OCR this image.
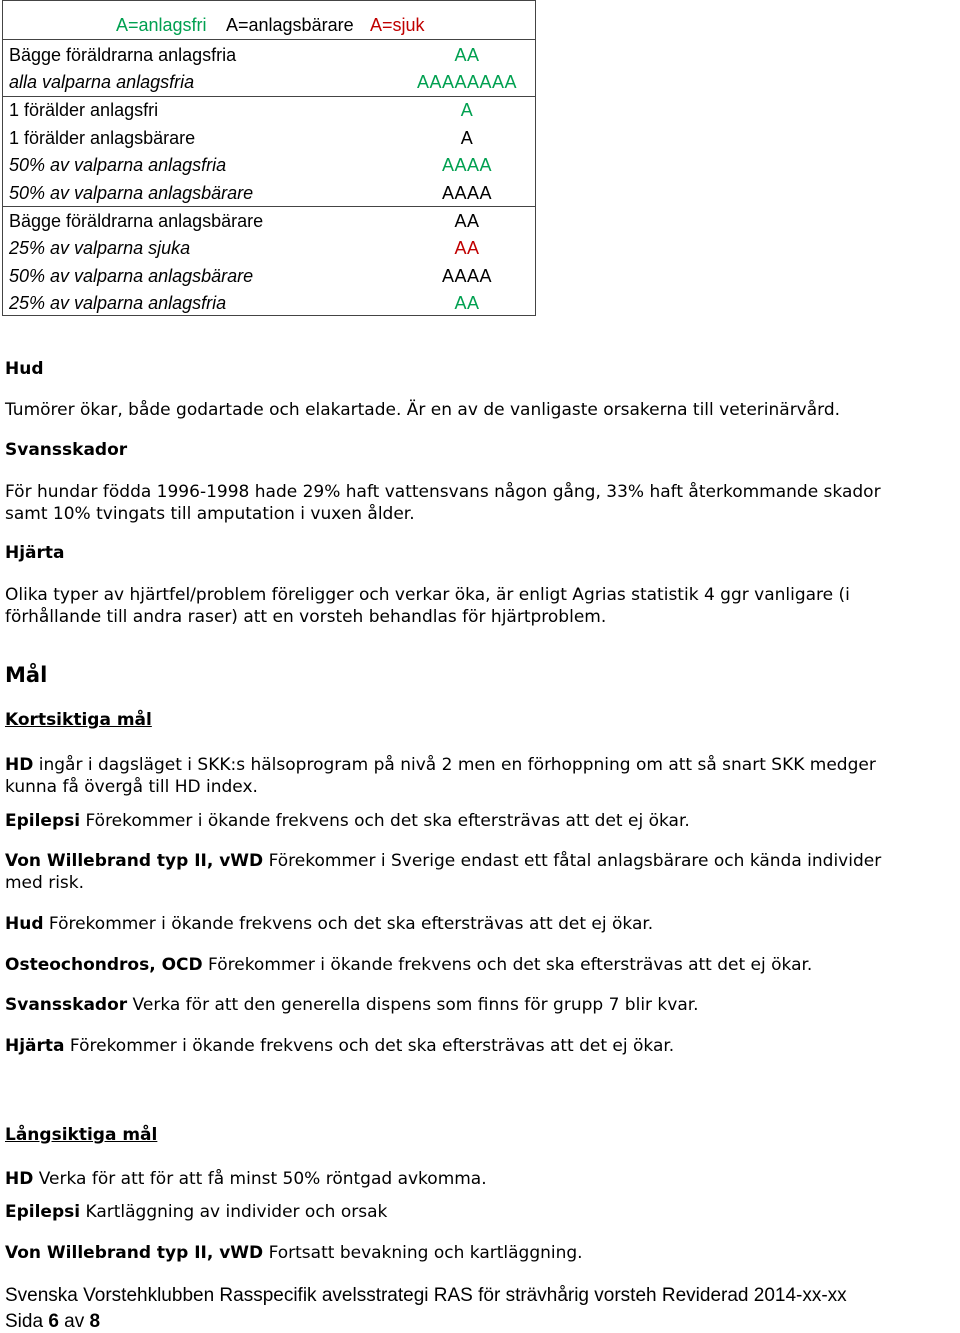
A=anlagsfri A=anlagsbärare A=sjuk
Bägge föräldrarna anlagsfria	AA
alla valparna anlagsfria	AAAAAAAA
1 förälder anlagsfri	A
1 förälder anlagsbärare	A
50% av valparna anlagsfria	AAAA
50% av valparna anlagsbärare	AAAA
Bägge föräldrarna anlagsbärare	AA
25% av valparna sjuka	AA
50% av valparna anlagsbärare	AAAA
25% av valparna anlagsfria	AA
Hud
Tumörer ökar, både godartade och elakartade. Är en av de vanligaste orsakerna till veterinärvård.
Svansskador
För hundar födda 1996-1998 hade 29% haft vattensvans någon gång, 33% haft återkommande skador
samt 10% tvingats till amputation i vuxen ålder.
Hjärta
Olika typer av hjärtfel/problem föreligger och verkar öka, är enligt Agrias statistik 4 ggr vanligare (i
förhållande till andra raser) att en vorsteh behandlas för hjärtproblem.
Mål
Kortsiktiga mål
HD ingår i dagsläget i SKK:s hälsoprogram på nivå 2 men en förhoppning om att så snart SKK medger
kunna få övergå till HD index.
Epilepsi Förekommer i ökande frekvens och det ska eftersträvas att det ej ökar.
Von Willebrand typ II, vWD Förekommer i Sverige endast ett fåtal anlagsbärare och kända individer
med risk.
Hud Förekommer i ökande frekvens och det ska eftersträvas att det ej ökar.
Osteochondros, OCD Förekommer i ökande frekvens och det ska eftersträvas att det ej ökar.
Svansskador Verka för att den generella dispens som finns för grupp 7 blir kvar.
Hjärta Förekommer i ökande frekvens och det ska eftersträvas att det ej ökar.
Långsiktiga mål
HD Verka för att för att få minst 50% röntgad avkomma.
Epilepsi Kartläggning av individer och orsak
Von Willebrand typ II, vWD Fortsatt bevakning och kartläggning.
Svenska Vorstehklubben Rasspecifik avelsstrategi RAS för strävhårig vorsteh Reviderad 2014-xx-xx
Sida 6 av 8
